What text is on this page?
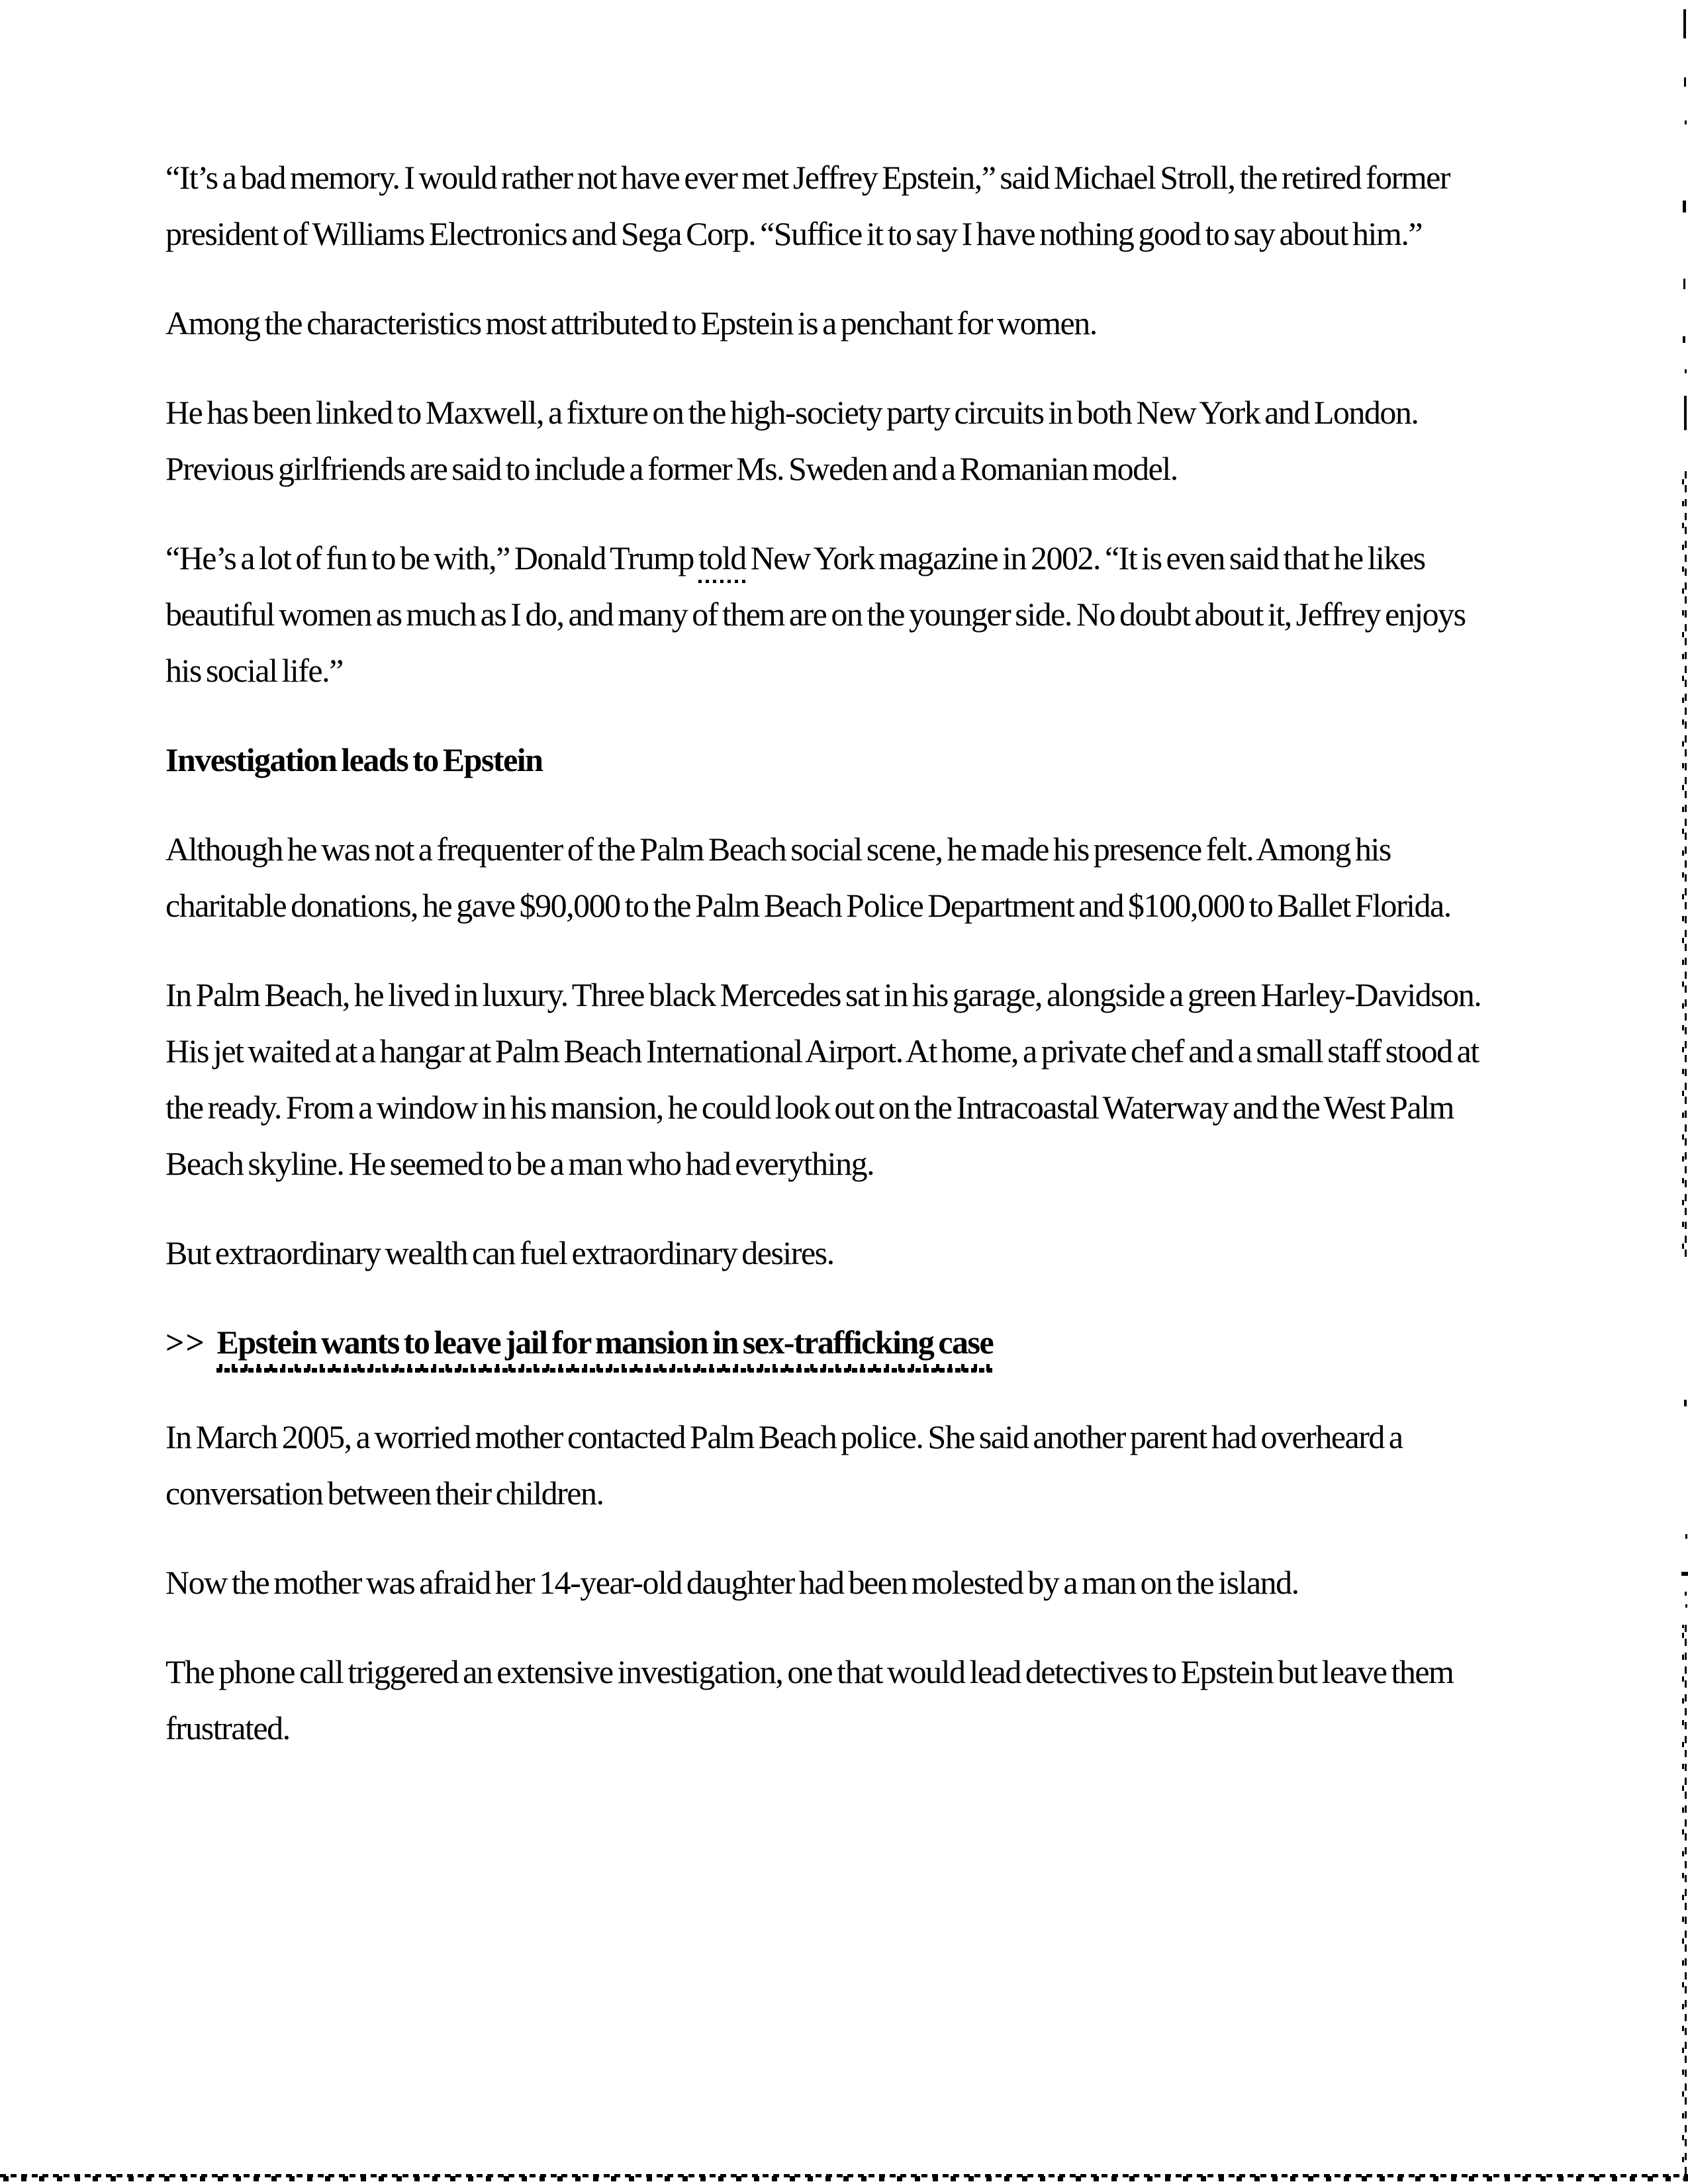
“It’s a bad memory. I would rather not have ever met Jeffrey Epstein,” said Michael Stroll, the retired former president of Williams Electronics and Sega Corp. “Suffice it to say I have nothing good to say about him.”

Among the characteristics most attributed to Epstein is a penchant for women.

He has been linked to Maxwell, a fixture on the high-society party circuits in both New York and London. Previous girlfriends are said to include a former Ms. Sweden and a Romanian model.

“He’s a lot of fun to be with,” Donald Trump told New York magazine in 2002. “It is even said that he likes beautiful women as much as I do, and many of them are on the younger side. No doubt about it, Jeffrey enjoys his social life.”

Investigation leads to Epstein

Although he was not a frequenter of the Palm Beach social scene, he made his presence felt. Among his charitable donations, he gave $90,000 to the Palm Beach Police Department and $100,000 to Ballet Florida.

In Palm Beach, he lived in luxury. Three black Mercedes sat in his garage, alongside a green Harley-Davidson. His jet waited at a hangar at Palm Beach International Airport. At home, a private chef and a small staff stood at the ready. From a window in his mansion, he could look out on the Intracoastal Waterway and the West Palm Beach skyline. He seemed to be a man who had everything.

But extraordinary wealth can fuel extraordinary desires.

>> Epstein wants to leave jail for mansion in sex-trafficking case

In March 2005, a worried mother contacted Palm Beach police. She said another parent had overheard a conversation between their children.

Now the mother was afraid her 14-year-old daughter had been molested by a man on the island.

The phone call triggered an extensive investigation, one that would lead detectives to Epstein but leave them frustrated.
